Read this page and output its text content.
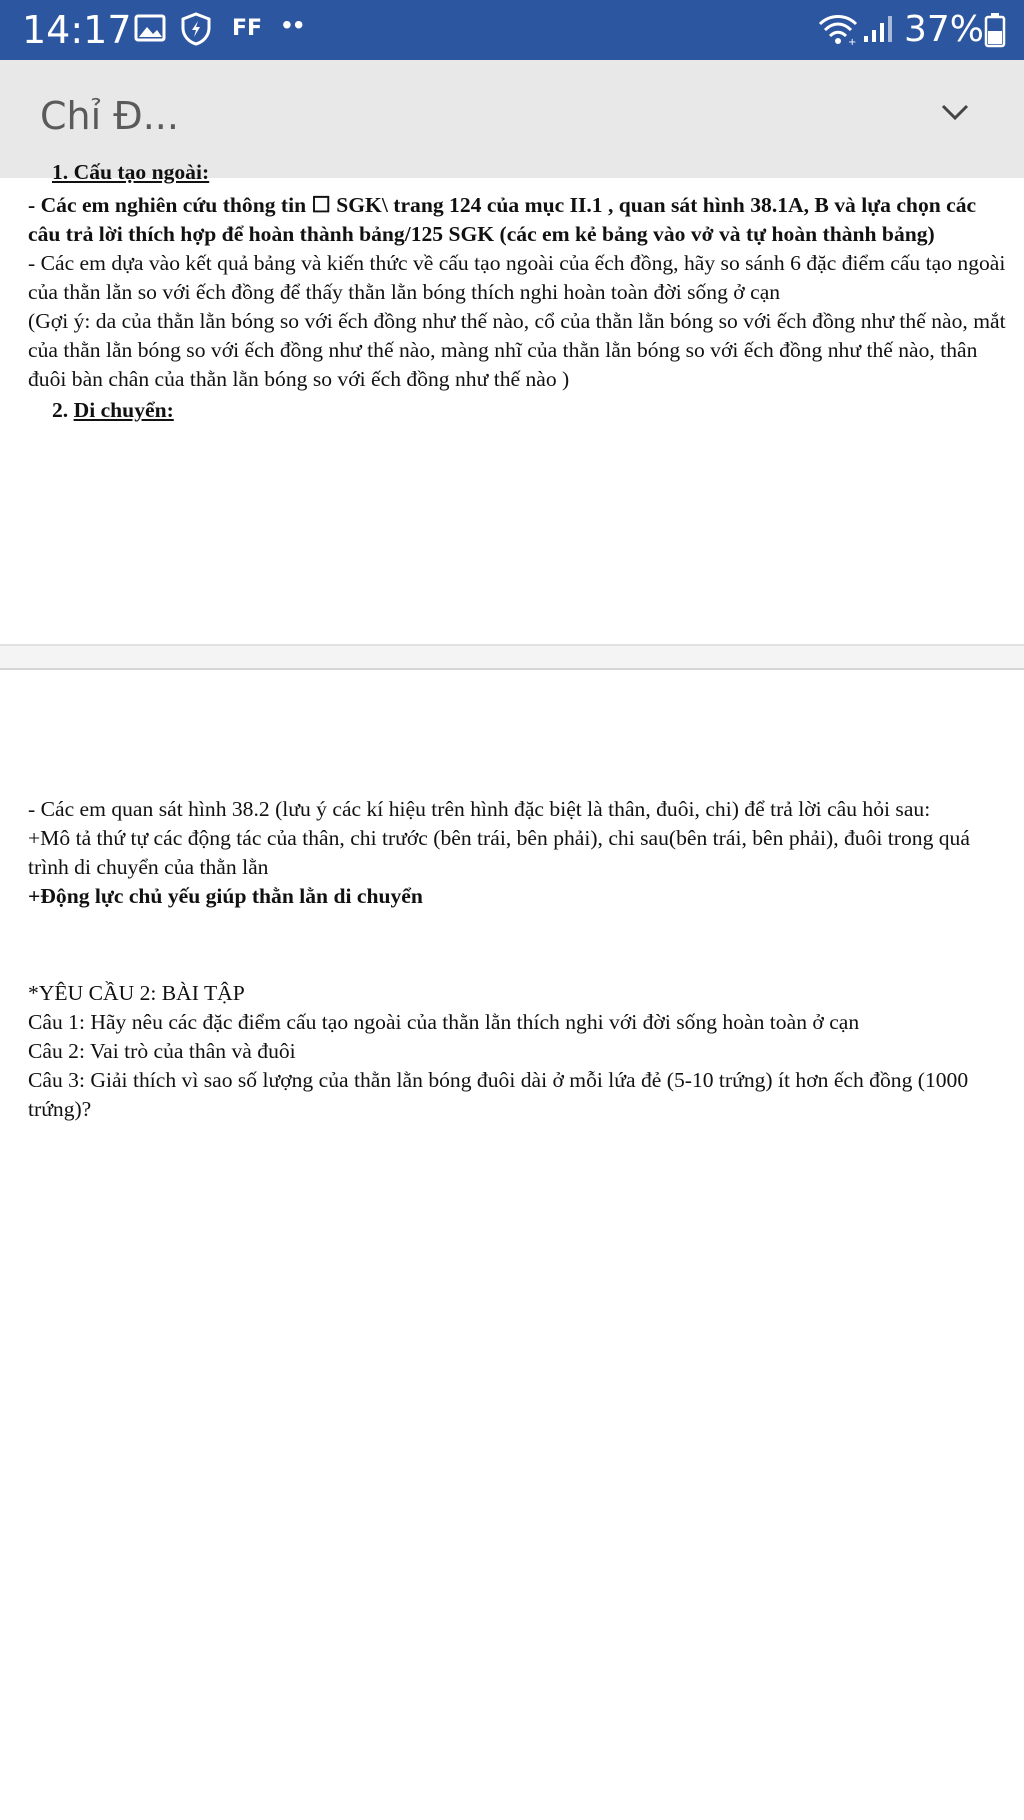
14:17	FF ••
+ 37%
Chỉ Đ...

1. Cấu tạo ngoài:

- Các em nghiên cứu thông tin ☐ SGK\ trang 124 của mục II.1 , quan sát hình 38.1A, B và lựa chọn các câu trả lời thích hợp để hoàn thành bảng/125 SGK (các em kẻ bảng vào vở và tự hoàn thành bảng)

- Các em dựa vào kết quả bảng và kiến thức về cấu tạo ngoài của ếch đồng, hãy so sánh 6 đặc điểm cấu tạo ngoài của thằn lằn so với ếch đồng để thấy thằn lằn bóng thích nghi hoàn toàn đời sống ở cạn

(Gợi ý: da của thằn lằn bóng so với ếch đồng như thế nào, cổ của thằn lằn bóng so với ếch đồng như thế nào, mắt của thằn lằn bóng so với ếch đồng như thế nào, màng nhĩ của thằn lằn bóng so với ếch đồng như thế nào, thân đuôi bàn chân của thằn lằn bóng so với ếch đồng như thế nào )

2. Di chuyển:

- Các em quan sát hình 38.2 (lưu ý các kí hiệu trên hình đặc biệt là thân, đuôi, chi) để trả lời câu hỏi sau:

+Mô tả thứ tự các động tác của thân, chi trước (bên trái, bên phải), chi sau(bên trái, bên phải), đuôi trong quá trình di chuyển của thằn lằn

+Động lực chủ yếu giúp thằn lằn di chuyển

*YÊU CẦU 2: BÀI TẬP

Câu 1: Hãy nêu các đặc điểm cấu tạo ngoài của thằn lằn thích nghi với đời sống hoàn toàn ở cạn

Câu 2: Vai trò của thân và đuôi

Câu 3: Giải thích vì sao số lượng của thằn lằn bóng đuôi dài ở mỗi lứa đẻ (5-10 trứng) ít hơn ếch đồng (1000 trứng)?
